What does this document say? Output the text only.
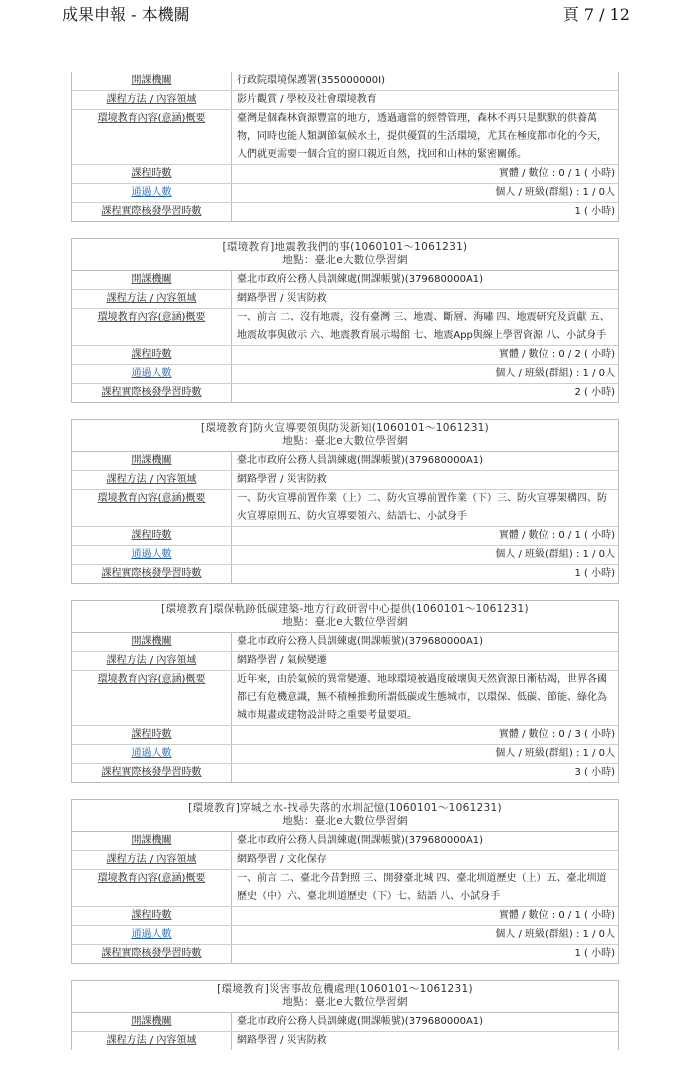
成果申報 - 本機關	頁 7 / 12
開課機關	行政院環境保護署(355000000I)
課程方法 / 內容領域	影片觀賞 / 學校及社會環境教育
環境教育內容(意涵)概要	臺灣是個森林資源豐富的地方，透過適當的經營管理，森林不再只是默默的供養萬物，同時也能人類調節氣候水土，提供優質的生活環境，尤其在極度都市化的今天，人們就更需要一個合宜的窗口親近自然，找回和山林的緊密關係。
課程時數	實體 / 數位 : 0 / 1 ( 小時)
通過人數	個人 / 班級(群組) : 1 / 0人
課程實際核發學習時數	1 ( 小時)
[環境教育]地震教我們的事(1060101～1061231)
地點：臺北e大數位學習網
開課機關	臺北市政府公務人員訓練處(開課帳號)(379680000A1)
課程方法 / 內容領域	網路學習 / 災害防救
環境教育內容(意涵)概要	一、前言 二、沒有地震，沒有臺灣 三、地震、斷層、海嘯 四、地震研究及貢獻 五、地震故事與啟示 六、地震教育展示場館 七、地震App與線上學習資源 八、小試身手
課程時數	實體 / 數位 : 0 / 2 ( 小時)
通過人數	個人 / 班級(群組) : 1 / 0人
課程實際核發學習時數	2 ( 小時)
[環境教育]防火宣導要領與防災新知(1060101～1061231)
地點：臺北e大數位學習網
開課機關	臺北市政府公務人員訓練處(開課帳號)(379680000A1)
課程方法 / 內容領域	網路學習 / 災害防救
環境教育內容(意涵)概要	一、防火宣導前置作業（上）二、防火宣導前置作業（下）三、防火宣導架構四、防火宣導原則五、防火宣導要領六、結語七、小試身手
課程時數	實體 / 數位 : 0 / 1 ( 小時)
通過人數	個人 / 班級(群組) : 1 / 0人
課程實際核發學習時數	1 ( 小時)
[環境教育]環保軌跡低碳建築-地方行政研習中心提供(1060101～1061231)
地點：臺北e大數位學習網
開課機關	臺北市政府公務人員訓練處(開課帳號)(379680000A1)
課程方法 / 內容領域	網路學習 / 氣候變遷
環境教育內容(意涵)概要	近年來，由於氣候的異常變遷、地球環境被過度破壞與天然資源日漸枯竭，世界各國都已有危機意識，無不積極推動所謂低碳或生態城市，以環保、低碳、節能、綠化為城市規畫或建物設計時之重要考量要項。
課程時數	實體 / 數位 : 0 / 3 ( 小時)
通過人數	個人 / 班級(群組) : 1 / 0人
課程實際核發學習時數	3 ( 小時)
[環境教育]穿城之水-找尋失落的水圳記憶(1060101～1061231)
地點：臺北e大數位學習網
開課機關	臺北市政府公務人員訓練處(開課帳號)(379680000A1)
課程方法 / 內容領域	網路學習 / 文化保存
環境教育內容(意涵)概要	一、前言 二、臺北今昔對照 三、開發臺北城 四、臺北圳道歷史（上）五、臺北圳道歷史（中）六、臺北圳道歷史（下）七、結語 八、小試身手
課程時數	實體 / 數位 : 0 / 1 ( 小時)
通過人數	個人 / 班級(群組) : 1 / 0人
課程實際核發學習時數	1 ( 小時)
[環境教育]災害事故危機處理(1060101～1061231)
地點：臺北e大數位學習網
開課機關	臺北市政府公務人員訓練處(開課帳號)(379680000A1)
課程方法 / 內容領域	網路學習 / 災害防救
